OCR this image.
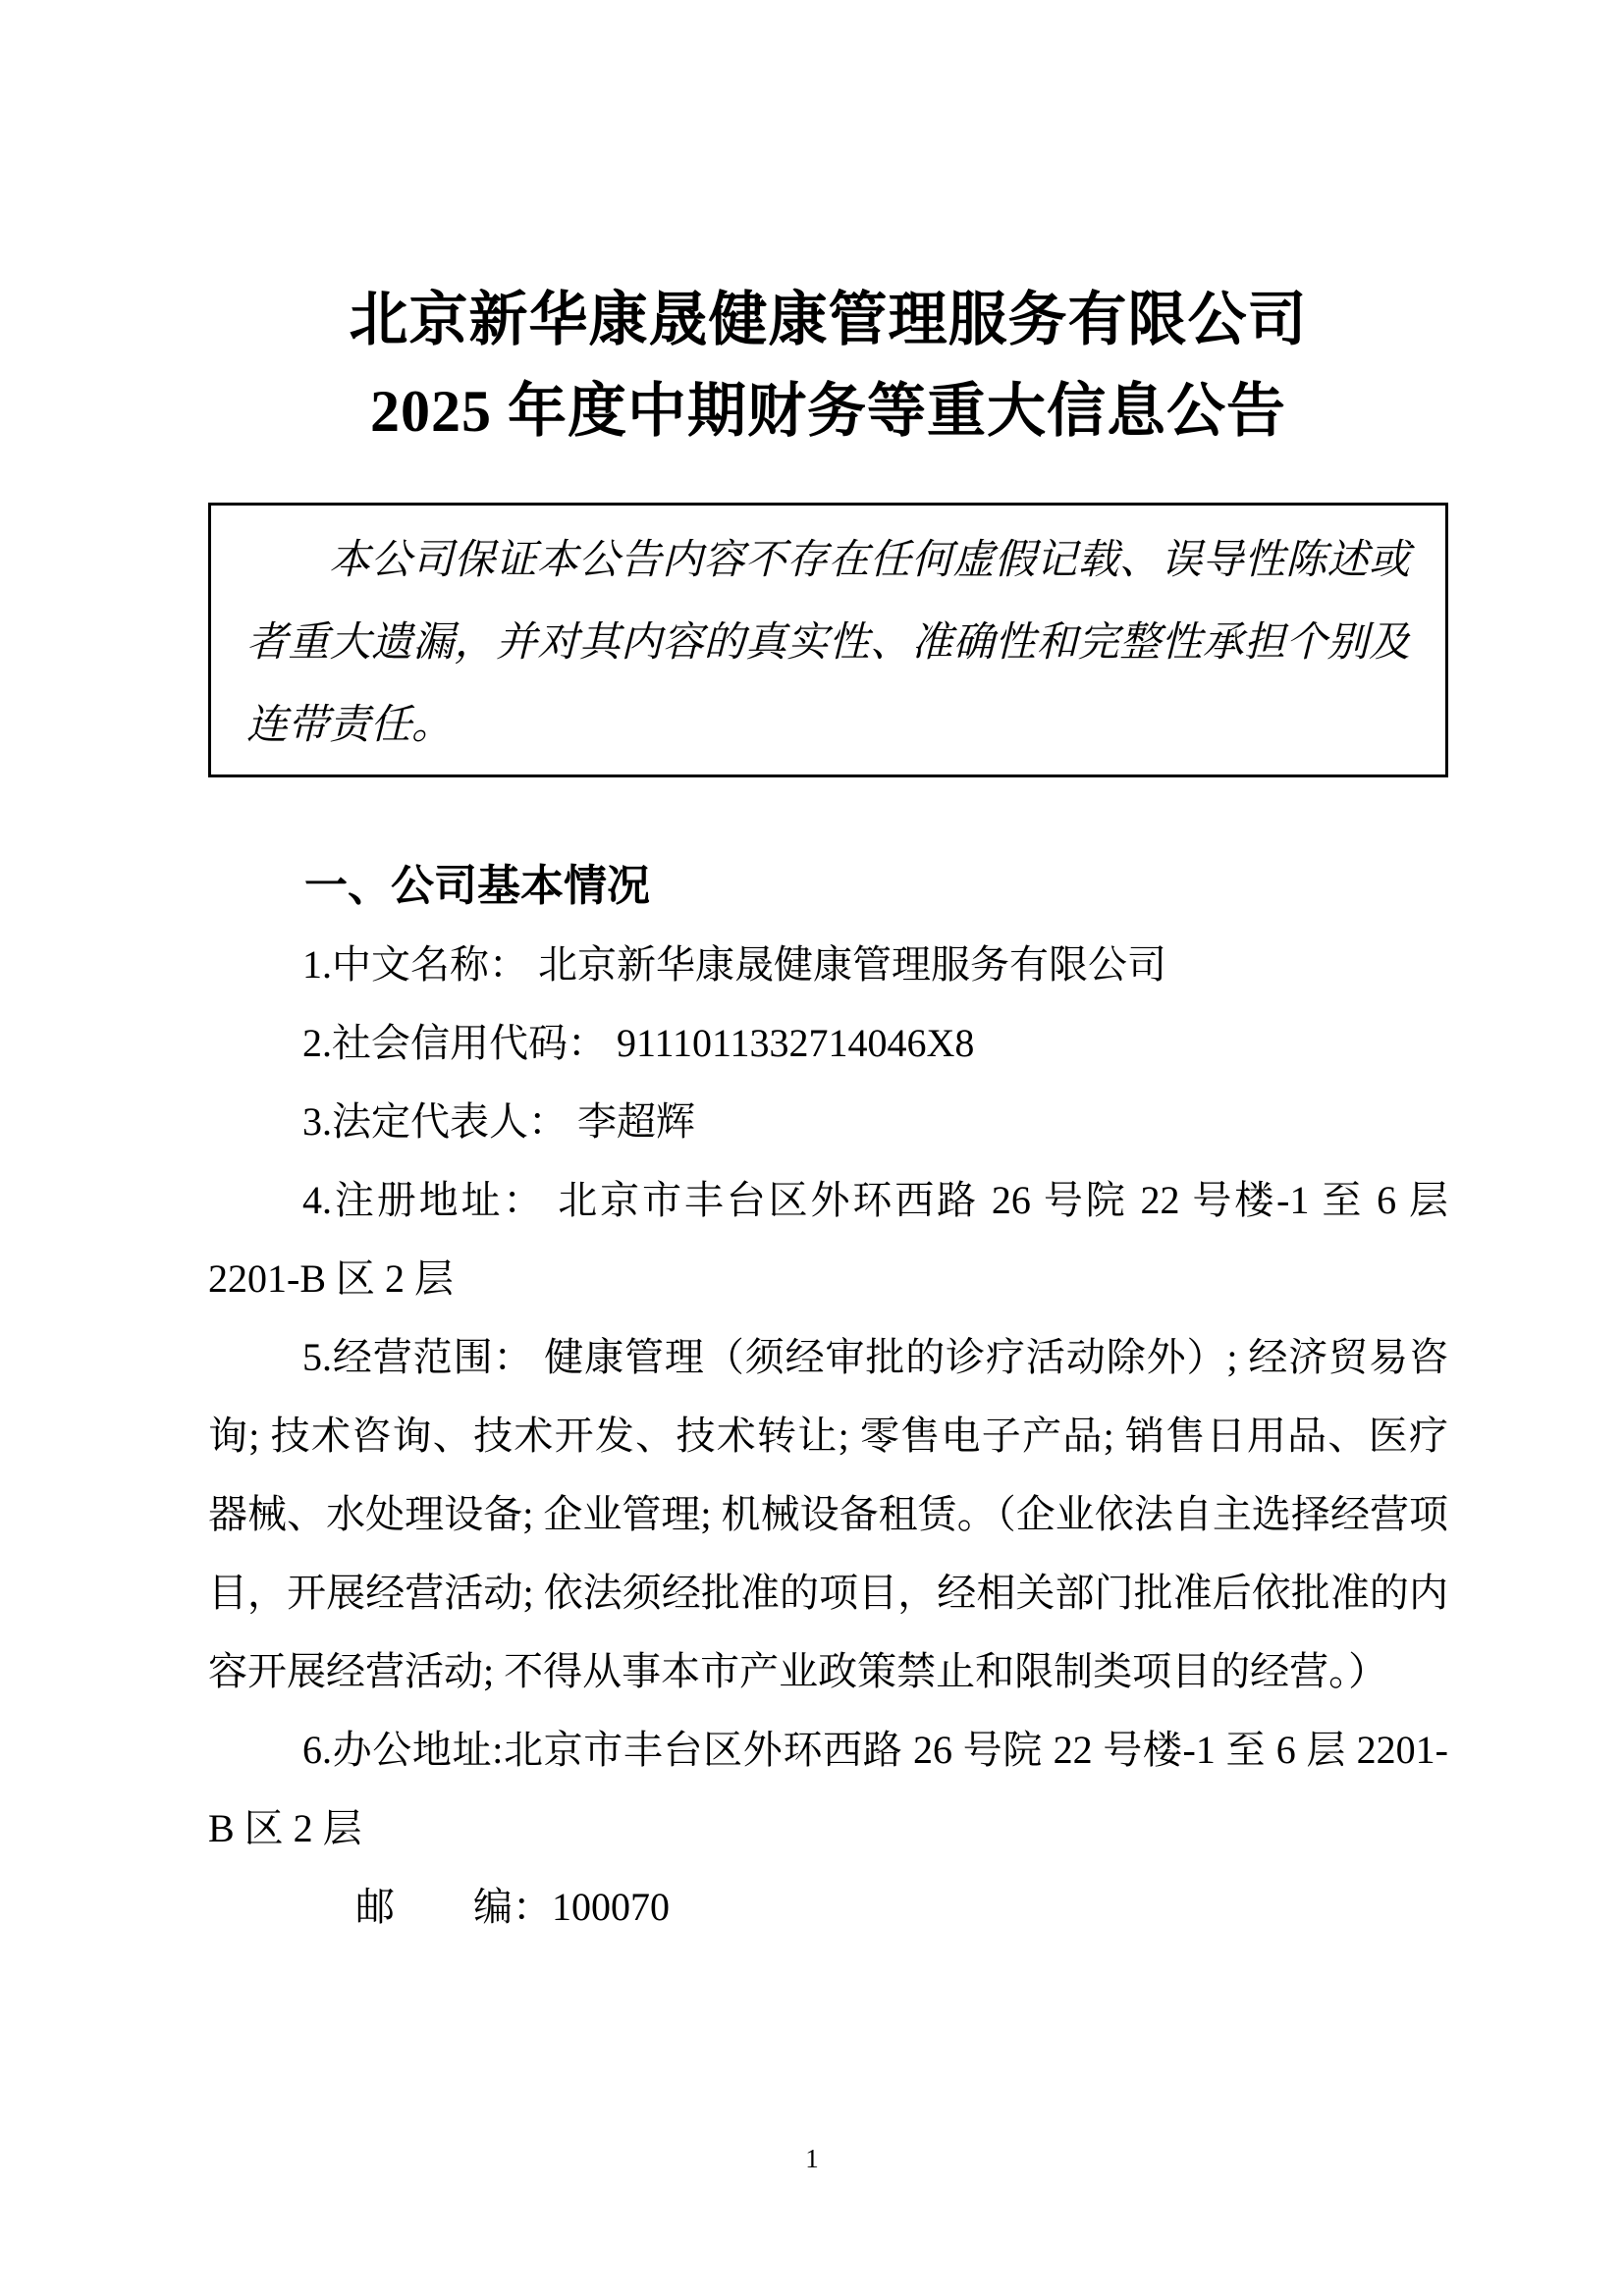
北京新华康晟健康管理服务有限公司
2025 年度中期财务等重大信息公告

本公司保证本公告内容不存在任何虚假记载、误导性陈述或者重大遗漏，并对其内容的真实性、准确性和完整性承担个别及连带责任。

一、公司基本情况

1.中文名称： 北京新华康晟健康管理服务有限公司

2.社会信用代码： 9111011332714046X8

3.法定代表人： 李超辉

4.注册地址： 北京市丰台区外环西路 26 号院 22 号楼-1 至 6 层 2201-B 区 2 层

5.经营范围： 健康管理（须经审批的诊疗活动除外）; 经济贸易咨询; 技术咨询、技术开发、技术转让; 零售电子产品; 销售日用品、医疗器械、水处理设备; 企业管理; 机械设备租赁。（企业依法自主选择经营项目，开展经营活动; 依法须经批准的项目，经相关部门批准后依批准的内容开展经营活动; 不得从事本市产业政策禁止和限制类项目的经营。）

6.办公地址:北京市丰台区外环西路 26 号院 22 号楼-1 至 6 层 2201-B 区 2 层

邮　　编：100070

1
